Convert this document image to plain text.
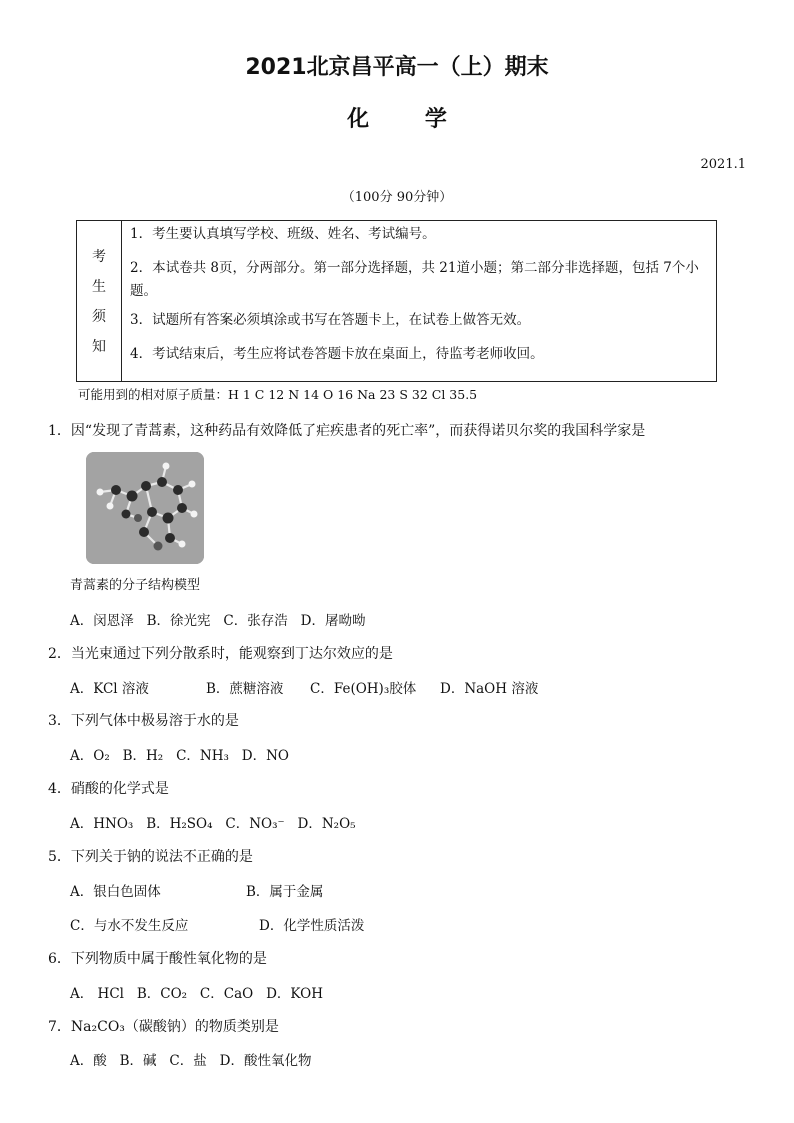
2021北京昌平高一（上）期末
化	学
2021.1
（100分 90分钟）
考
生
须
知
1．考生要认真填写学校、班级、姓名、考试编号。
2．本试卷共 8页，分两部分。第一部分选择题，共 21道小题；第二部分非选择题，包括 7个小题。
3．试题所有答案必须填涂或书写在答题卡上，在试卷上做答无效。
4．考试结束后，考生应将试卷答题卡放在桌面上，待监考老师收回。
可能用到的相对原子质量：H 1 C 12 N 14 O 16 Na 23 S 32 Cl 35.5
1．因“发现了青蒿素，这种药品有效降低了疟疾患者的死亡率”，而获得诺贝尔奖的我国科学家是
青蒿素的分子结构模型
A．闵恩泽   B．徐光宪   C．张存浩   D．屠呦呦
2．当光束通过下列分散系时，能观察到丁达尔效应的是
A．KCl 溶液	B．蔗糖溶液 C．Fe(OH)₃胶体 D．NaOH 溶液
3．下列气体中极易溶于水的是
A．O₂   B．H₂   C．NH₃   D．NO
4．硝酸的化学式是
A．HNO₃   B．H₂SO₄   C．NO₃⁻   D．N₂O₅
5．下列关于钠的说法不正确的是
A．银白色固体	B．属于金属
C．与水不发生反应	D．化学性质活泼
6．下列物质中属于酸性氧化物的是
A． HCl   B．CO₂   C．CaO   D．KOH
7．Na₂CO₃（碳酸钠）的物质类别是
A．酸   B．碱   C．盐   D．酸性氧化物
